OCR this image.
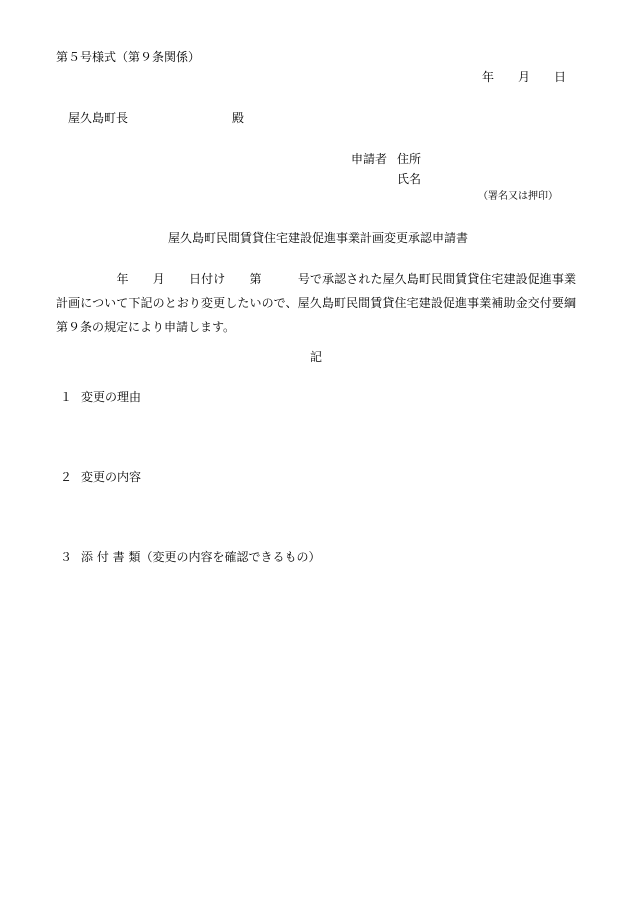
第５号様式（第９条関係）
年　　月　　日
屋久島町長	殿
申請者 住所
氏名
（署名又は押印）
屋久島町民間賃貸住宅建設促進事業計画変更承認申請書
　　　　　年　　月　　日付け　　第　　　号で承認された屋久島町民間賃貸住宅建設促進事業計画について下記のとおり変更したいので、屋久島町民間賃貸住宅建設促進事業補助金交付要綱第９条の規定により申請します。
記
１ 変更の理由
２ 変更の内容
３ 添 付 書 類（変更の内容を確認できるもの）
